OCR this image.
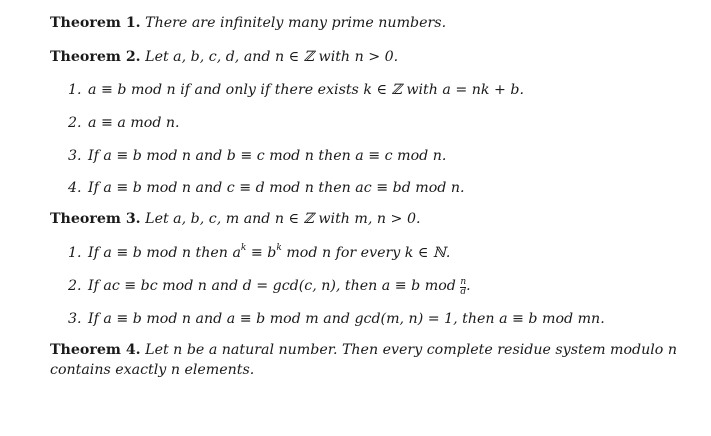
Theorem 1. There are infinitely many prime numbers.
Theorem 2. Let a, b, c, d, and n ∈ ℤ with n > 0.
1. a ≡ b mod n if and only if there exists k ∈ ℤ with a = nk + b.
2. a ≡ a mod n.
3. If a ≡ b mod n and b ≡ c mod n then a ≡ c mod n.
4. If a ≡ b mod n and c ≡ d mod n then ac ≡ bd mod n.
Theorem 3. Let a, b, c, m and n ∈ ℤ with m, n > 0.
1. If a ≡ b mod n then $a^k \equiv b^k$ mod n for every k ∈ ℕ.
2. If ac ≡ bc mod n and d = gcd(c, n), then a ≡ b mod $\frac{n}{d}$ .
3. If a ≡ b mod n and a ≡ b mod m and gcd(m, n) = 1, then a ≡ b mod mn.
Theorem 4. Let n be a natural number. Then every complete residue system modulo n
contains exactly n elements.
